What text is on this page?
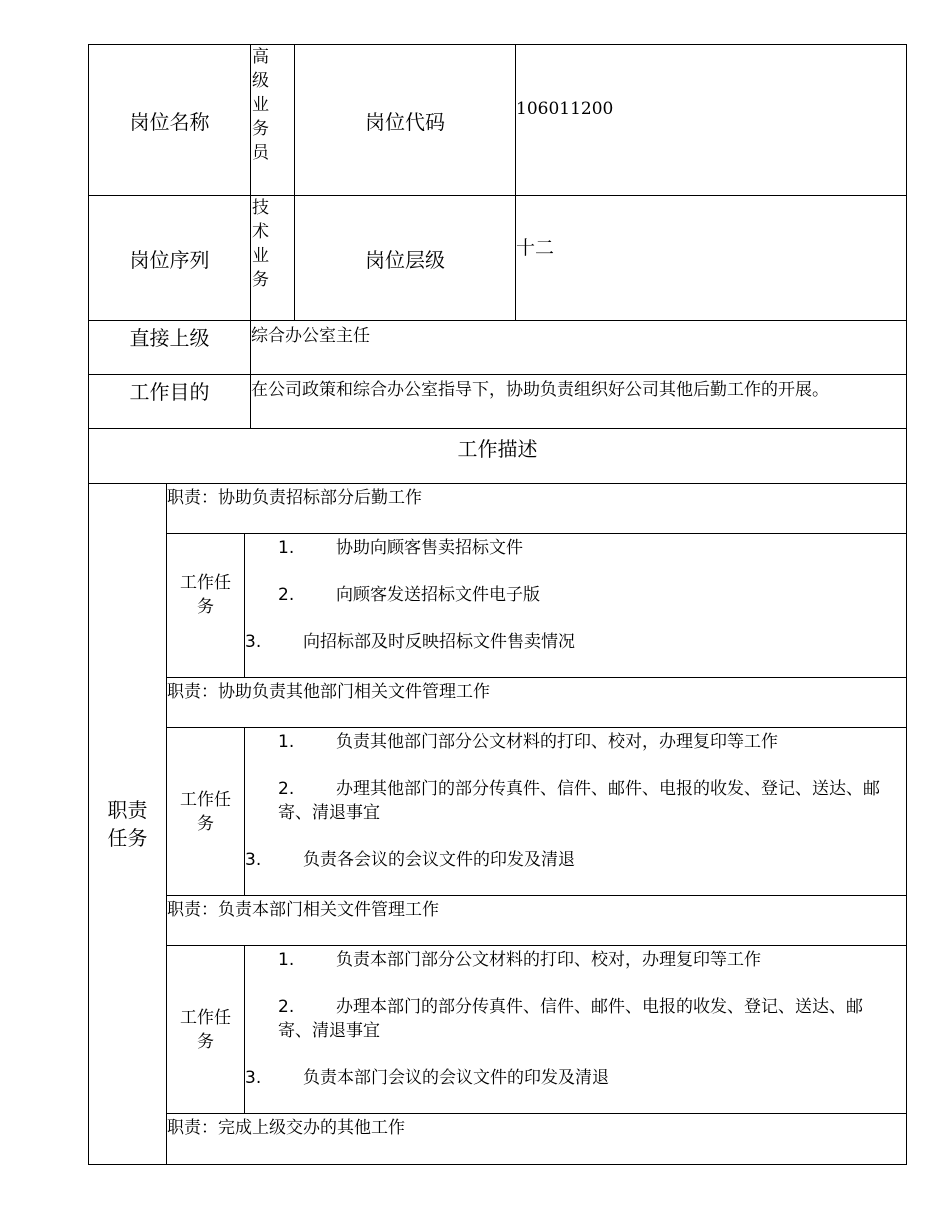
岗位名称
高级业务员
岗位代码
106011200
岗位序列
技术业务
岗位层级	十二
直接上级 综合办公室主任
工作目的 在公司政策和综合办公室指导下，协助负责组织好公司其他后勤工作的开展。
工作描述
职责任务
职责：协助负责招标部分后勤工作
工作任务
1. 协助向顾客售卖招标文件
2. 向顾客发送招标文件电子版
3. 向招标部及时反映招标文件售卖情况
职责：协助负责其他部门相关文件管理工作
工作任务
1. 负责其他部门部分公文材料的打印、校对，办理复印等工作
2. 办理其他部门的部分传真件、信件、邮件、电报的收发、登记、送达、邮寄、清退事宜
3. 负责各会议的会议文件的印发及清退
职责：负责本部门相关文件管理工作
工作任务
1. 负责本部门部分公文材料的打印、校对，办理复印等工作
2. 办理本部门的部分传真件、信件、邮件、电报的收发、登记、送达、邮寄、清退事宜
3. 负责本部门会议的会议文件的印发及清退
职责：完成上级交办的其他工作
